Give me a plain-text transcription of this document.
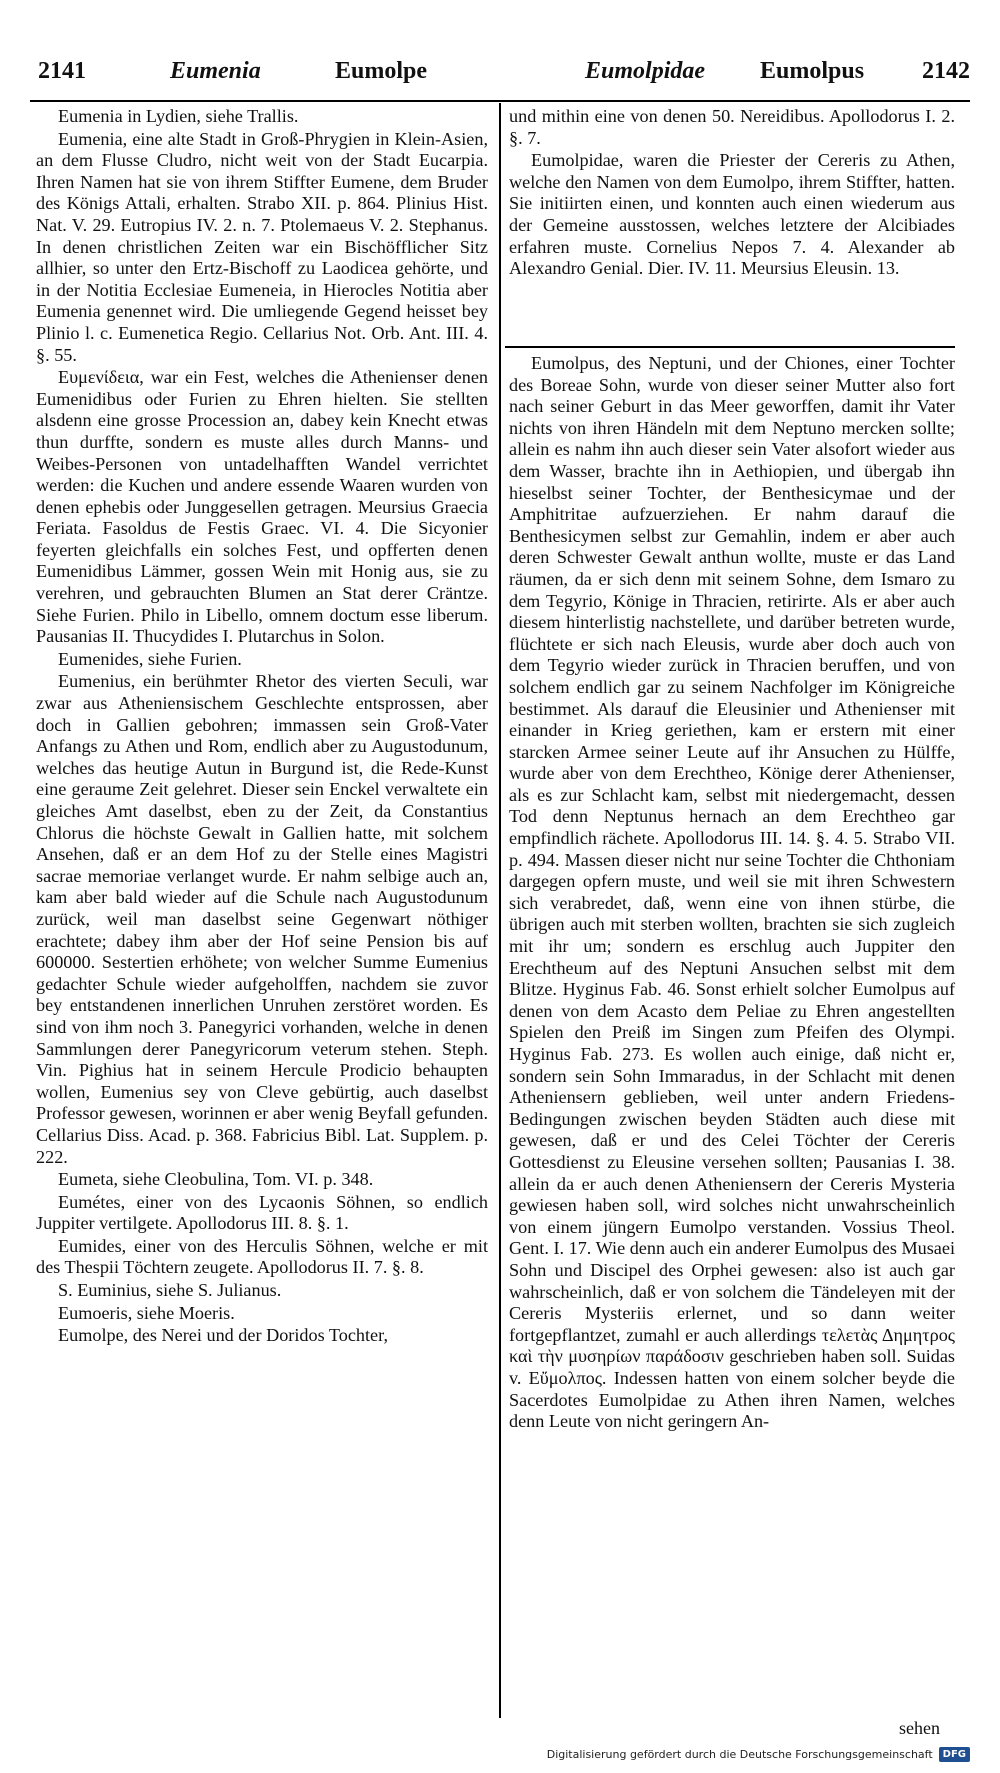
2141	Eumenia	Eumolpe	Eumolpidae Eumolpus 2142

Eumenia in Lydien, siehe Trallis.

Eumenia, eine alte Stadt in Groß-Phrygien in Klein-Asien, an dem Flusse Cludro, nicht weit von der Stadt Eucarpia. Ihren Namen hat sie von ihrem Stiffter Eumene, dem Bruder des Königs Attali, erhalten. Strabo XII. p. 864. Plinius Hist. Nat. V. 29. Eutropius IV. 2. n. 7. Ptolemaeus V. 2. Stephanus. In denen christlichen Zeiten war ein Bischöfflicher Sitz allhier, so unter den Ertz-Bischoff zu Laodicea gehörte, und in der Notitia Ecclesiae Eumeneia, in Hierocles Notitia aber Eumenia genennet wird. Die umliegende Gegend heisset bey Plinio l. c. Eumenetica Regio. Cellarius Not. Orb. Ant. III. 4. §. 55.

Ευμενίδεια, war ein Fest, welches die Athenienser denen Eumenidibus oder Furien zu Ehren hielten. Sie stellten alsdenn eine grosse Procession an, dabey kein Knecht etwas thun durffte, sondern es muste alles durch Manns- und Weibes-Personen von untadelhafften Wandel verrichtet werden: die Kuchen und andere essende Waaren wurden von denen ephebis oder Junggesellen getragen. Meursius Graecia Feriata. Fasoldus de Festis Graec. VI. 4. Die Sicyonier feyerten gleichfalls ein solches Fest, und opfferten denen Eumenidibus Lämmer, gossen Wein mit Honig aus, sie zu verehren, und gebrauchten Blumen an Stat derer Cräntze. Siehe Furien. Philo in Libello, omnem doctum esse liberum. Pausanias II. Thucydides I. Plutarchus in Solon.

Eumenides, siehe Furien.

Eumenius, ein berühmter Rhetor des vierten Seculi, war zwar aus Atheniensischem Geschlechte entsprossen, aber doch in Gallien gebohren; immassen sein Groß-Vater Anfangs zu Athen und Rom, endlich aber zu Augustodunum, welches das heutige Autun in Burgund ist, die Rede-Kunst eine geraume Zeit gelehret. Dieser sein Enckel verwaltete ein gleiches Amt daselbst, eben zu der Zeit, da Constantius Chlorus die höchste Gewalt in Gallien hatte, mit solchem Ansehen, daß er an dem Hof zu der Stelle eines Magistri sacrae memoriae verlanget wurde. Er nahm selbige auch an, kam aber bald wieder auf die Schule nach Augustodunum zurück, weil man daselbst seine Gegenwart nöthiger erachtete; dabey ihm aber der Hof seine Pension bis auf 600000. Sestertien erhöhete; von welcher Summe Eumenius gedachter Schule wieder aufgeholffen, nachdem sie zuvor bey entstandenen innerlichen Unruhen zerstöret worden. Es sind von ihm noch 3. Panegyrici vorhanden, welche in denen Sammlungen derer Panegyricorum veterum stehen. Steph. Vin. Pighius hat in seinem Hercule Prodicio behaupten wollen, Eumenius sey von Cleve gebürtig, auch daselbst Professor gewesen, worinnen er aber wenig Beyfall gefunden. Cellarius Diss. Acad. p. 368. Fabricius Bibl. Lat. Supplem. p. 222.

Eumeta, siehe Cleobulina, Tom. VI. p. 348.

Eumétes, einer von des Lycaonis Söhnen, so endlich Juppiter vertilgete. Apollodorus III. 8. §. 1.

Eumides, einer von des Herculis Söhnen, welche er mit des Thespii Töchtern zeugete. Apollodorus II. 7. §. 8.

S. Euminius, siehe S. Julianus.

Eumoeris, siehe Moeris.

Eumolpe, des Nerei und der Doridos Tochter,

und mithin eine von denen 50. Nereidibus. Apollodorus I. 2. §. 7.

Eumolpidae, waren die Priester der Cereris zu Athen, welche den Namen von dem Eumolpo, ihrem Stiffter, hatten. Sie initiirten einen, und konnten auch einen wiederum aus der Gemeine ausstossen, welches letztere der Alcibiades erfahren muste. Cornelius Nepos 7. 4. Alexander ab Alexandro Genial. Dier. IV. 11. Meursius Eleusin. 13.

Eumolpus, des Neptuni, und der Chiones, einer Tochter des Boreae Sohn, wurde von dieser seiner Mutter also fort nach seiner Geburt in das Meer geworffen, damit ihr Vater nichts von ihren Händeln mit dem Neptuno mercken sollte; allein es nahm ihn auch dieser sein Vater alsofort wieder aus dem Wasser, brachte ihn in Aethiopien, und übergab ihn hieselbst seiner Tochter, der Benthesicymae und der Amphitritae aufzuerziehen. Er nahm darauf die Benthesicymen selbst zur Gemahlin, indem er aber auch deren Schwester Gewalt anthun wollte, muste er das Land räumen, da er sich denn mit seinem Sohne, dem Ismaro zu dem Tegyrio, Könige in Thracien, retirirte. Als er aber auch diesem hinterlistig nachstellete, und darüber betreten wurde, flüchtete er sich nach Eleusis, wurde aber doch auch von dem Tegyrio wieder zurück in Thracien beruffen, und von solchem endlich gar zu seinem Nachfolger im Königreiche bestimmet. Als darauf die Eleusinier und Athenienser mit einander in Krieg geriethen, kam er erstern mit einer starcken Armee seiner Leute auf ihr Ansuchen zu Hülffe, wurde aber von dem Erechtheo, Könige derer Athenienser, als es zur Schlacht kam, selbst mit niedergemacht, dessen Tod denn Neptunus hernach an dem Erechtheo gar empfindlich rächete. Apollodorus III. 14. §. 4. 5. Strabo VII. p. 494. Massen dieser nicht nur seine Tochter die Chthoniam dargegen opfern muste, und weil sie mit ihren Schwestern sich verabredet, daß, wenn eine von ihnen stürbe, die übrigen auch mit sterben wollten, brachten sie sich zugleich mit ihr um; sondern es erschlug auch Juppiter den Erechtheum auf des Neptuni Ansuchen selbst mit dem Blitze. Hyginus Fab. 46. Sonst erhielt solcher Eumolpus auf denen von dem Acasto dem Peliae zu Ehren angestellten Spielen den Preiß im Singen zum Pfeifen des Olympi. Hyginus Fab. 273. Es wollen auch einige, daß nicht er, sondern sein Sohn Immaradus, in der Schlacht mit denen Atheniensern geblieben, weil unter andern Friedens-Bedingungen zwischen beyden Städten auch diese mit gewesen, daß er und des Celei Töchter der Cereris Gottesdienst zu Eleusine versehen sollten; Pausanias I. 38. allein da er auch denen Atheniensern der Cereris Mysteria gewiesen haben soll, wird solches nicht unwahrscheinlich von einem jüngern Eumolpo verstanden. Vossius Theol. Gent. I. 17. Wie denn auch ein anderer Eumolpus des Musaei Sohn und Discipel des Orphei gewesen: also ist auch gar wahrscheinlich, daß er von solchem die Tändeleyen mit der Cereris Mysteriis erlernet, und so dann weiter fortgepflantzet, zumahl er auch allerdings τελετὰς Δημητρος καὶ τὴν μυσηρίων παράδοσιν geschrieben haben soll. Suidas v. Εὔμολπος. Indessen hatten von einem solcher beyde die Sacerdotes Eumolpidae zu Athen ihren Namen, welches denn Leute von nicht geringern An-

sehen
Digitalisierung gefördert durch die Deutsche Forschungsgemeinschaft	DFG
